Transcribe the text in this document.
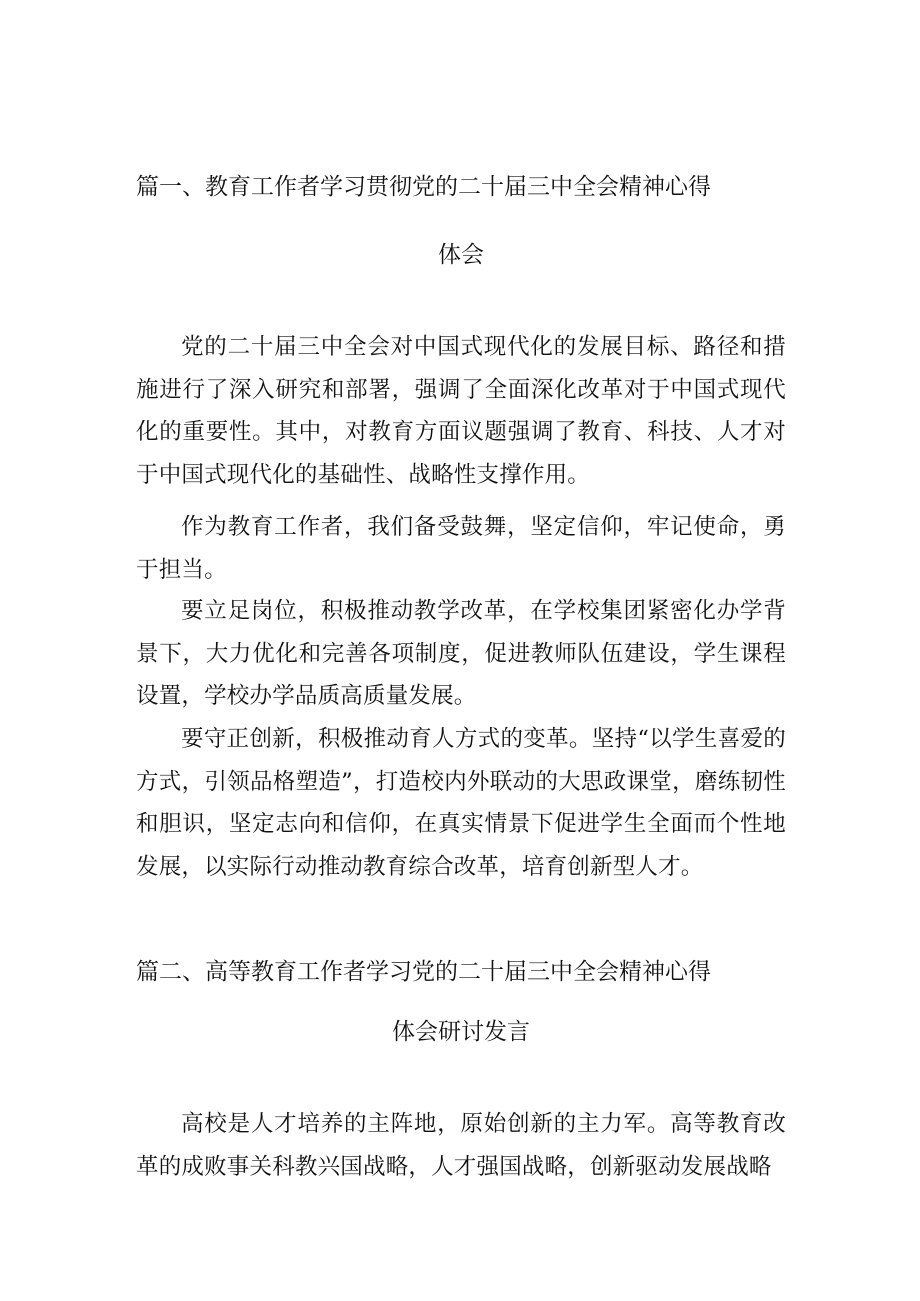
篇一、教育工作者学习贯彻党的二十届三中全会精神心得
体会

党的二十届三中全会对中国式现代化的发展目标、路径和措施进行了深入研究和部署，强调了全面深化改革对于中国式现代化的重要性。其中，对教育方面议题强调了教育、科技、人才对于中国式现代化的基础性、战略性支撑作用。

作为教育工作者，我们备受鼓舞，坚定信仰，牢记使命，勇于担当。

要立足岗位，积极推动教学改革，在学校集团紧密化办学背景下，大力优化和完善各项制度，促进教师队伍建设，学生课程设置，学校办学品质高质量发展。

要守正创新，积极推动育人方式的变革。坚持“以学生喜爱的方式，引领品格塑造”，打造校内外联动的大思政课堂，磨练韧性和胆识，坚定志向和信仰，在真实情景下促进学生全面而个性地发展，以实际行动推动教育综合改革，培育创新型人才。

篇二、高等教育工作者学习党的二十届三中全会精神心得
体会研讨发言

高校是人才培养的主阵地，原始创新的主力军。高等教育改革的成败事关科教兴国战略，人才强国战略，创新驱动发展战略
